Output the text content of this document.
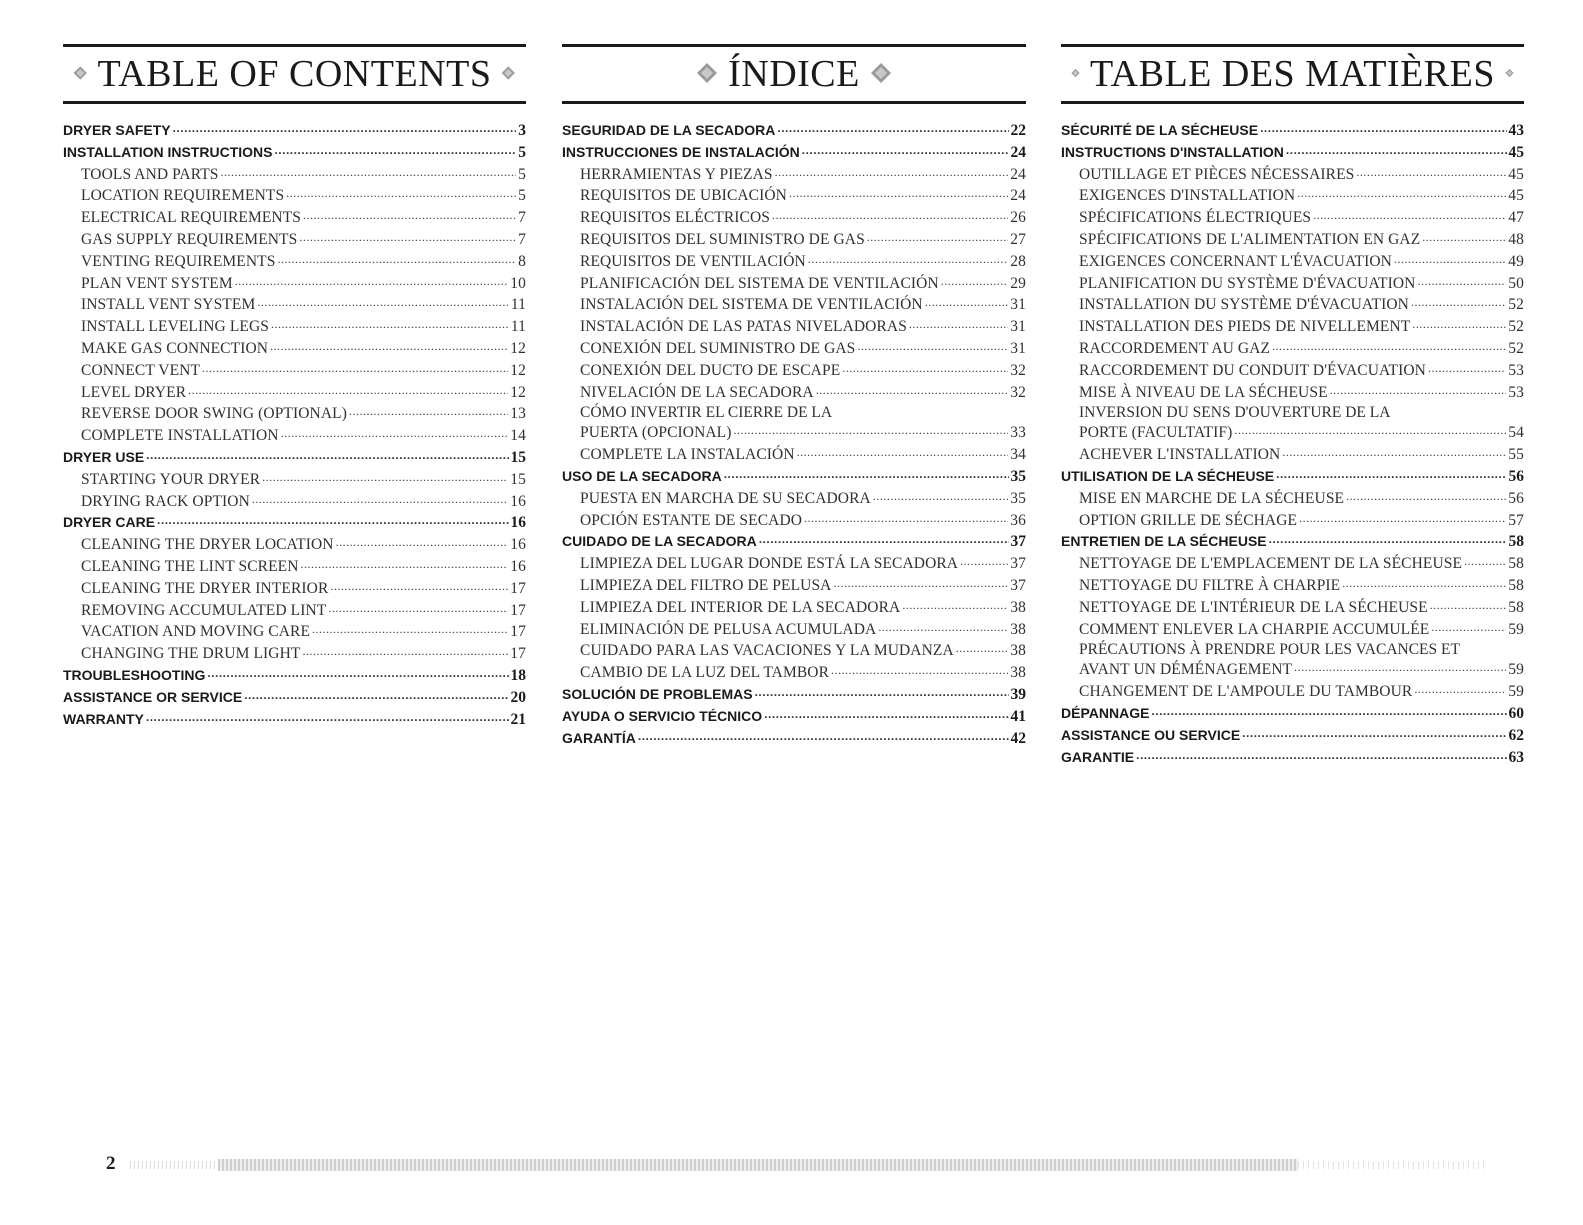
TABLE OF CONTENTS
DRYER SAFETY .....	3
INSTALLATION INSTRUCTIONS .....	5
TOOLS AND PARTS .....	5
LOCATION REQUIREMENTS .....	5
ELECTRICAL REQUIREMENTS .....	7
GAS SUPPLY REQUIREMENTS .....	7
VENTING REQUIREMENTS .....	8
PLAN VENT SYSTEM .....	10
INSTALL VENT SYSTEM .....	11
INSTALL LEVELING LEGS .....	11
MAKE GAS CONNECTION .....	12
CONNECT VENT .....	12
LEVEL DRYER .....	12
REVERSE DOOR SWING (OPTIONAL) .....	13
COMPLETE INSTALLATION .....	14
DRYER USE .....	15
STARTING YOUR DRYER .....	15
DRYING RACK OPTION .....	16
DRYER CARE .....	16
CLEANING THE DRYER LOCATION .....	16
CLEANING THE LINT SCREEN .....	16
CLEANING THE DRYER INTERIOR .....	17
REMOVING ACCUMULATED LINT .....	17
VACATION AND MOVING CARE .....	17
CHANGING THE DRUM LIGHT .....	17
TROUBLESHOOTING .....	18
ASSISTANCE OR SERVICE .....	20
WARRANTY .....	21
ÍNDICE
SEGURIDAD DE LA SECADORA .....	22
INSTRUCCIONES DE INSTALACIÓN .....	24
HERRAMIENTAS Y PIEZAS .....	24
REQUISITOS DE UBICACIÓN .....	24
REQUISITOS ELÉCTRICOS .....	26
REQUISITOS DEL SUMINISTRO DE GAS .....	27
REQUISITOS DE VENTILACIÓN .....	28
PLANIFICACIÓN DEL SISTEMA DE VENTILACIÓN .....	29
INSTALACIÓN DEL SISTEMA DE VENTILACIÓN .....	31
INSTALACIÓN DE LAS PATAS NIVELADORAS .....	31
CONEXIÓN DEL SUMINISTRO DE GAS .....	31
CONEXIÓN DEL DUCTO DE ESCAPE .....	32
NIVELACIÓN DE LA SECADORA .....	32
CÓMO INVERTIR EL CIERRE DE LA
PUERTA (OPCIONAL) .....	33
COMPLETE LA INSTALACIÓN .....	34
USO DE LA SECADORA .....	35
PUESTA EN MARCHA DE SU SECADORA .....	35
OPCIÓN ESTANTE DE SECADO .....	36
CUIDADO DE LA SECADORA .....	37
LIMPIEZA DEL LUGAR DONDE ESTÁ LA SECADORA .....	37
LIMPIEZA DEL FILTRO DE PELUSA .....	37
LIMPIEZA DEL INTERIOR DE LA SECADORA .....	38
ELIMINACIÓN DE PELUSA ACUMULADA .....	38
CUIDADO PARA LAS VACACIONES Y LA MUDANZA .....	38
CAMBIO DE LA LUZ DEL TAMBOR .....	38
SOLUCIÓN DE PROBLEMAS .....	39
AYUDA O SERVICIO TÉCNICO .....	41
GARANTÍA .....	42
TABLE DES MATIÈRES
SÉCURITÉ DE LA SÉCHEUSE .....	43
INSTRUCTIONS D'INSTALLATION .....	45
OUTILLAGE ET PIÈCES NÉCESSAIRES .....	45
EXIGENCES D'INSTALLATION .....	45
SPÉCIFICATIONS ÉLECTRIQUES .....	47
SPÉCIFICATIONS DE L'ALIMENTATION EN GAZ .....	48
EXIGENCES CONCERNANT L'ÉVACUATION .....	49
PLANIFICATION DU SYSTÈME D'ÉVACUATION .....	50
INSTALLATION DU SYSTÈME D'ÉVACUATION .....	52
INSTALLATION DES PIEDS DE NIVELLEMENT .....	52
RACCORDEMENT AU GAZ .....	52
RACCORDEMENT DU CONDUIT D'ÉVACUATION .....	53
MISE À NIVEAU DE LA SÉCHEUSE .....	53
INVERSION DU SENS D'OUVERTURE DE LA
PORTE (FACULTATIF) .....	54
ACHEVER L'INSTALLATION .....	55
UTILISATION DE LA SÉCHEUSE .....	56
MISE EN MARCHE DE LA SÉCHEUSE .....	56
OPTION GRILLE DE SÉCHAGE .....	57
ENTRETIEN DE LA SÉCHEUSE .....	58
NETTOYAGE DE L'EMPLACEMENT DE LA SÉCHEUSE .....	58
NETTOYAGE DU FILTRE À CHARPIE .....	58
NETTOYAGE DE L'INTÉRIEUR DE LA SÉCHEUSE .....	58
COMMENT ENLEVER LA CHARPIE ACCUMULÉE .....	59
PRÉCAUTIONS À PRENDRE POUR LES VACANCES ET
AVANT UN DÉMÉNAGEMENT .....	59
CHANGEMENT DE L'AMPOULE DU TAMBOUR .....	59
DÉPANNAGE .....	60
ASSISTANCE OU SERVICE .....	62
GARANTIE .....	63
2
